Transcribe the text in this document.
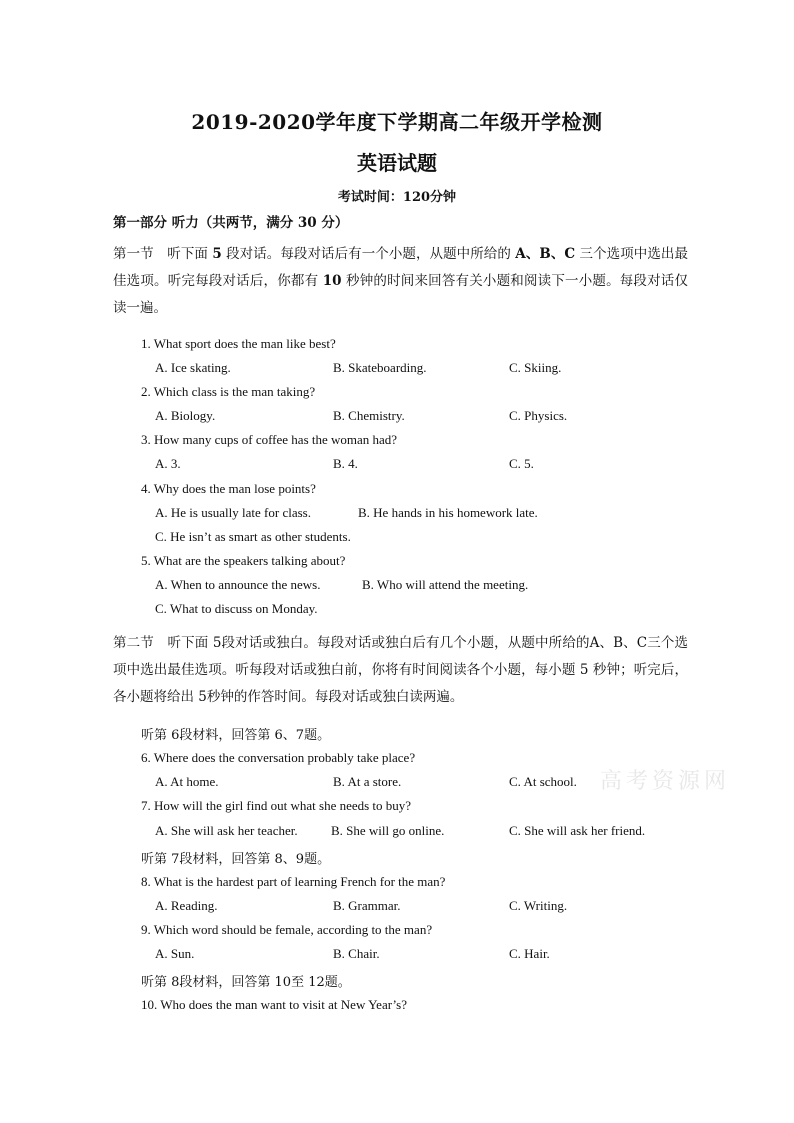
2019-2020学年度下学期高二年级开学检测
英语试题
考试时间：120分钟
第一部分 听力（共两节，满分 30 分）
第一节　听下面 5 段对话。每段对话后有一个小题，从题中所给的 A、B、C 三个选项中选出最佳选项。听完每段对话后，你都有 10 秒钟的时间来回答有关小题和阅读下一小题。每段对话仅读一遍。
1. What sport does the man like best?
A. Ice skating.	B. Skateboarding.	C. Skiing.
2. Which class is the man taking?
A. Biology.	B. Chemistry.	C. Physics.
3. How many cups of coffee has the woman had?
A. 3.	B. 4.	C. 5.
4. Why does the man lose points?
A. He is usually late for class.	B. He hands in his homework late.
C. He isn’t as smart as other students.
5. What are the speakers talking about?
A. When to announce the news.	B. Who will attend the meeting.
C. What to discuss on Monday.
第二节　听下面 5段对话或独白。每段对话或独白后有几个小题，从题中所给的A、B、C三个选项中选出最佳选项。听每段对话或独白前，你将有时间阅读各个小题，每小题 5 秒钟；听完后，各小题将给出 5秒钟的作答时间。每段对话或独白读两遍。
听第 6段材料，回答第 6、7题。
6. Where does the conversation probably take place?
A. At home.	B. At a store.	C. At school. 高考资源网
7. How will the girl find out what she needs to buy?
A. She will ask her teacher.	B. She will go online.	C. She will ask her friend.
听第 7段材料，回答第 8、9题。
8. What is the hardest part of learning French for the man?
A. Reading.	B. Grammar.	C. Writing.
9. Which word should be female, according to the man?
A. Sun.	B. Chair.	C. Hair.
听第 8段材料，回答第 10至 12题。
10. Who does the man want to visit at New Year’s?
